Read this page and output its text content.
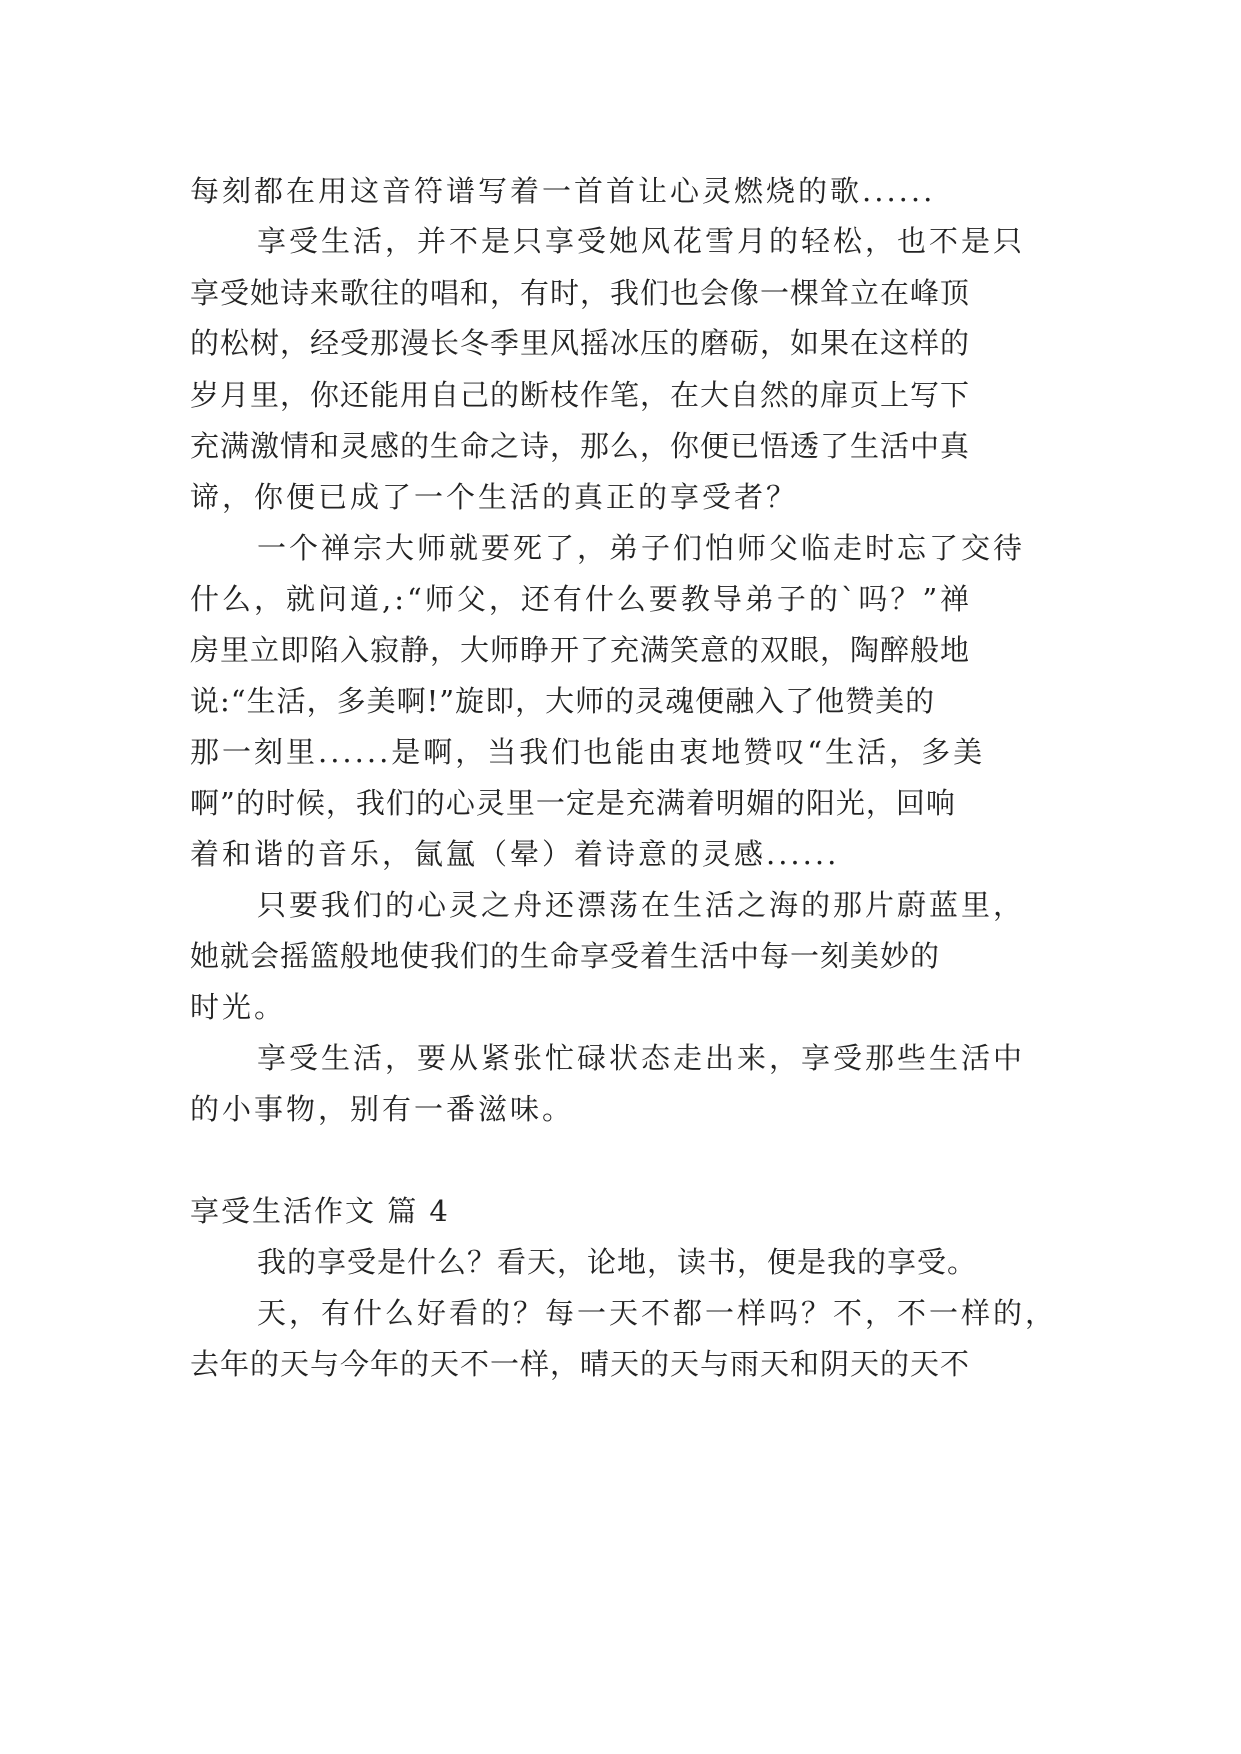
每刻都在用这音符谱写着一首首让心灵燃烧的歌......
享受生活，并不是只享受她风花雪月的轻松，也不是只
享受她诗来歌往的唱和，有时，我们也会像一棵耸立在峰顶
的松树，经受那漫长冬季里风摇冰压的磨砺，如果在这样的
岁月里，你还能用自己的断枝作笔，在大自然的扉页上写下
充满激情和灵感的生命之诗，那么，你便已悟透了生活中真
谛，你便已成了一个生活的真正的享受者？
一个禅宗大师就要死了，弟子们怕师父临走时忘了交待
什么，就问道,:“师父，还有什么要教导弟子的`吗？”禅
房里立即陷入寂静，大师睁开了充满笑意的双眼，陶醉般地
说:“生活，多美啊!”旋即，大师的灵魂便融入了他赞美的
那一刻里......是啊，当我们也能由衷地赞叹“生活，多美
啊”的时候，我们的心灵里一定是充满着明媚的阳光，回响
着和谐的音乐，氤氲（晕）着诗意的灵感......
只要我们的心灵之舟还漂荡在生活之海的那片蔚蓝里，
她就会摇篮般地使我们的生命享受着生活中每一刻美妙的
时光。
享受生活，要从紧张忙碌状态走出来，享受那些生活中
的小事物，别有一番滋味。
享受生活作文 篇 4
我的享受是什么？看天，论地，读书，便是我的享受。
天，有什么好看的？每一天不都一样吗？不，不一样的，
去年的天与今年的天不一样，晴天的天与雨天和阴天的天不
